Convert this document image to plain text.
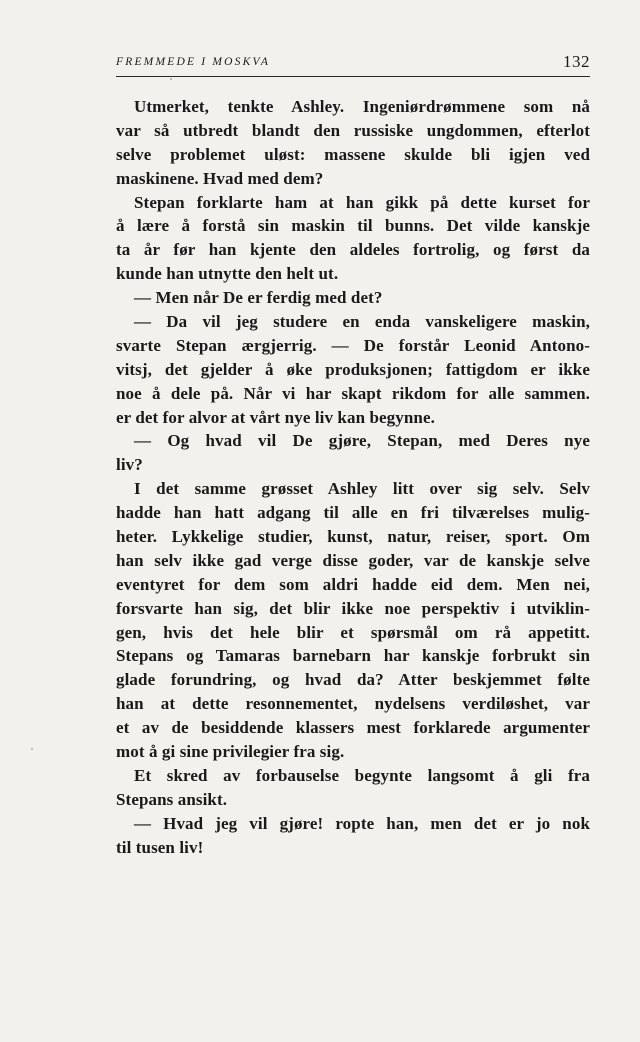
FREMMEDE I MOSKVA	132
Utmerket, tenkte Ashley. Ingeniørdrømmene som nå
var så utbredt blandt den russiske ungdommen, efterlot
selve problemet uløst: massene skulde bli igjen ved
maskinene. Hvad med dem?
Stepan forklarte ham at han gikk på dette kurset for
å lære å forstå sin maskin til bunns. Det vilde kanskje
ta år før han kjente den aldeles fortrolig, og først da
kunde han utnytte den helt ut.
— Men når De er ferdig med det?
— Da vil jeg studere en enda vanskeligere maskin,
svarte Stepan ærgjerrig. — De forstår Leonid Antono-
vitsj, det gjelder å øke produksjonen; fattigdom er ikke
noe å dele på. Når vi har skapt rikdom for alle sammen.
er det for alvor at vårt nye liv kan begynne.
— Og hvad vil De gjøre, Stepan, med Deres nye
liv?
I det samme grøsset Ashley litt over sig selv. Selv
hadde han hatt adgang til alle en fri tilværelses mulig-
heter. Lykkelige studier, kunst, natur, reiser, sport. Om
han selv ikke gad verge disse goder, var de kanskje selve
eventyret for dem som aldri hadde eid dem. Men nei,
forsvarte han sig, det blir ikke noe perspektiv i utviklin-
gen, hvis det hele blir et spørsmål om rå appetitt.
Stepans og Tamaras barnebarn har kanskje forbrukt sin
glade forundring, og hvad da? Atter beskjemmet følte
han at dette resonnementet, nydelsens verdiløshet, var
et av de besiddende klassers mest forklarede argumenter
mot å gi sine privilegier fra sig.
Et skred av forbauselse begynte langsomt å gli fra
Stepans ansikt.
— Hvad jeg vil gjøre! ropte han, men det er jo nok
til tusen liv!
